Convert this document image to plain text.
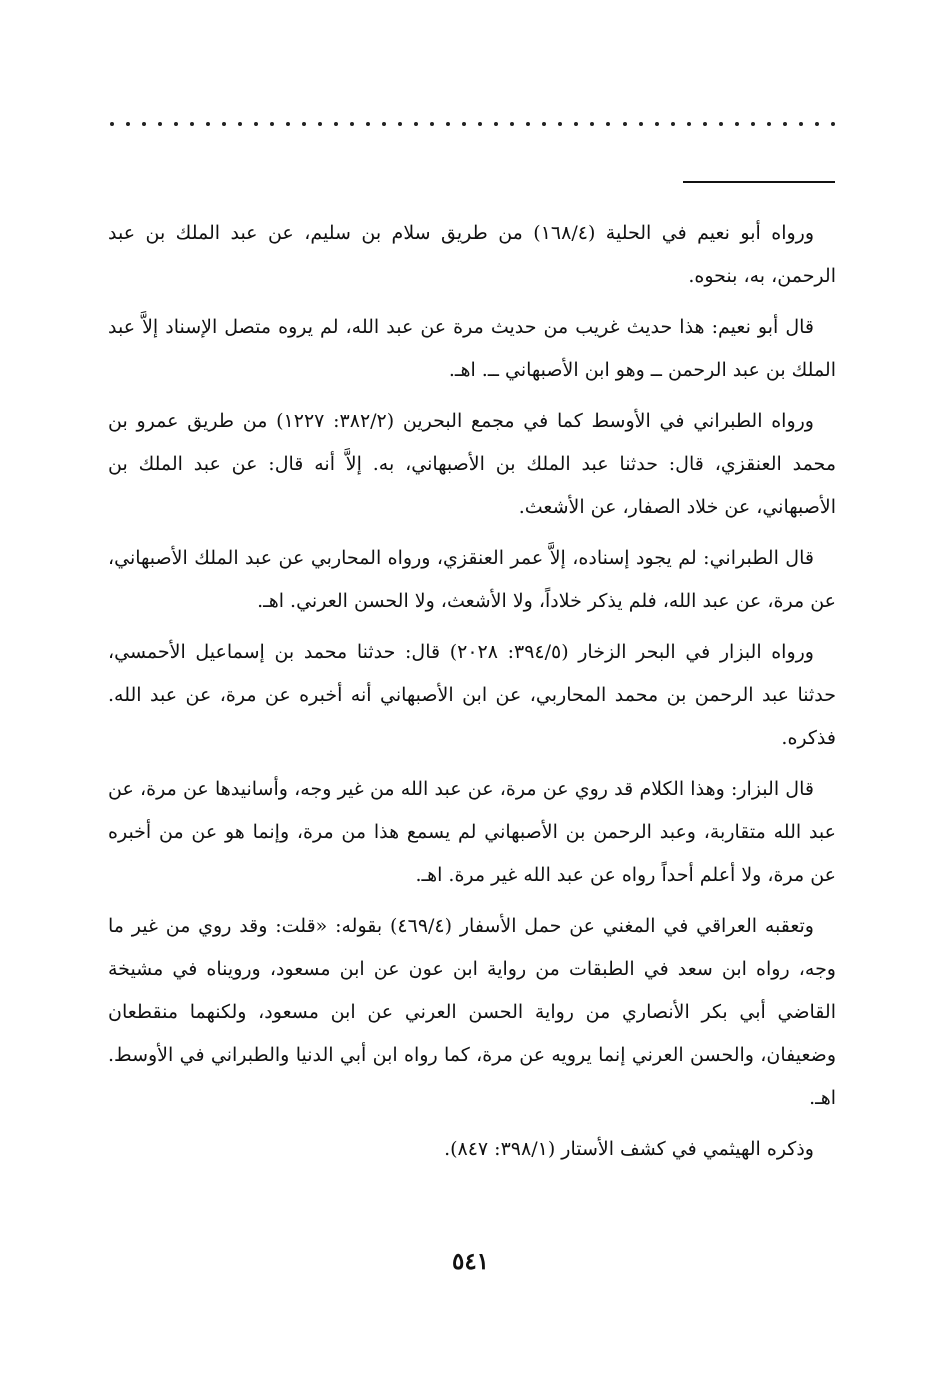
ورواه أبو نعيم في الحلية (١٦٨/٤) من طريق سلام بن سليم، عن عبد الملك بن عبد الرحمن، به، بنحوه.

قال أبو نعيم: هذا حديث غريب من حديث مرة عن عبد الله، لم يروه متصل الإسناد إلاَّ عبد الملك بن عبد الرحمن ــ وهو ابن الأصبهاني ــ. اهـ.

ورواه الطبراني في الأوسط كما في مجمع البحرين (٣٨٢/٢: ١٢٢٧) من طريق عمرو بن محمد العنقزي، قال: حدثنا عبد الملك بن الأصبهاني، به. إلاَّ أنه قال: عن عبد الملك بن الأصبهاني، عن خلاد الصفار، عن الأشعث.

قال الطبراني: لم يجود إسناده، إلاَّ عمر العنقزي، ورواه المحاربي عن عبد الملك الأصبهاني، عن مرة، عن عبد الله، فلم يذكر خلاداً، ولا الأشعث، ولا الحسن العرني. اهـ.

ورواه البزار في البحر الزخار (٣٩٤/٥: ٢٠٢٨) قال: حدثنا محمد بن إسماعيل الأحمسي، حدثنا عبد الرحمن بن محمد المحاربي، عن ابن الأصبهاني أنه أخبره عن مرة، عن عبد الله. فذكره.

قال البزار: وهذا الكلام قد روي عن مرة، عن عبد الله من غير وجه، وأسانيدها عن مرة، عن عبد الله متقاربة، وعبد الرحمن بن الأصبهاني لم يسمع هذا من مرة، وإنما هو عن من أخبره عن مرة، ولا أعلم أحداً رواه عن عبد الله غير مرة. اهـ.

وتعقبه العراقي في المغني عن حمل الأسفار (٤٦٩/٤) بقوله: «قلت: وقد روي من غير ما وجه، رواه ابن سعد في الطبقات من رواية ابن عون عن ابن مسعود، ورويناه في مشيخة القاضي أبي بكر الأنصاري من رواية الحسن العرني عن ابن مسعود، ولكنهما منقطعان وضعيفان، والحسن العرني إنما يرويه عن مرة، كما رواه ابن أبي الدنيا والطبراني في الأوسط. اهـ.

وذكره الهيثمي في كشف الأستار (٣٩٨/١: ٨٤٧).

٥٤١
